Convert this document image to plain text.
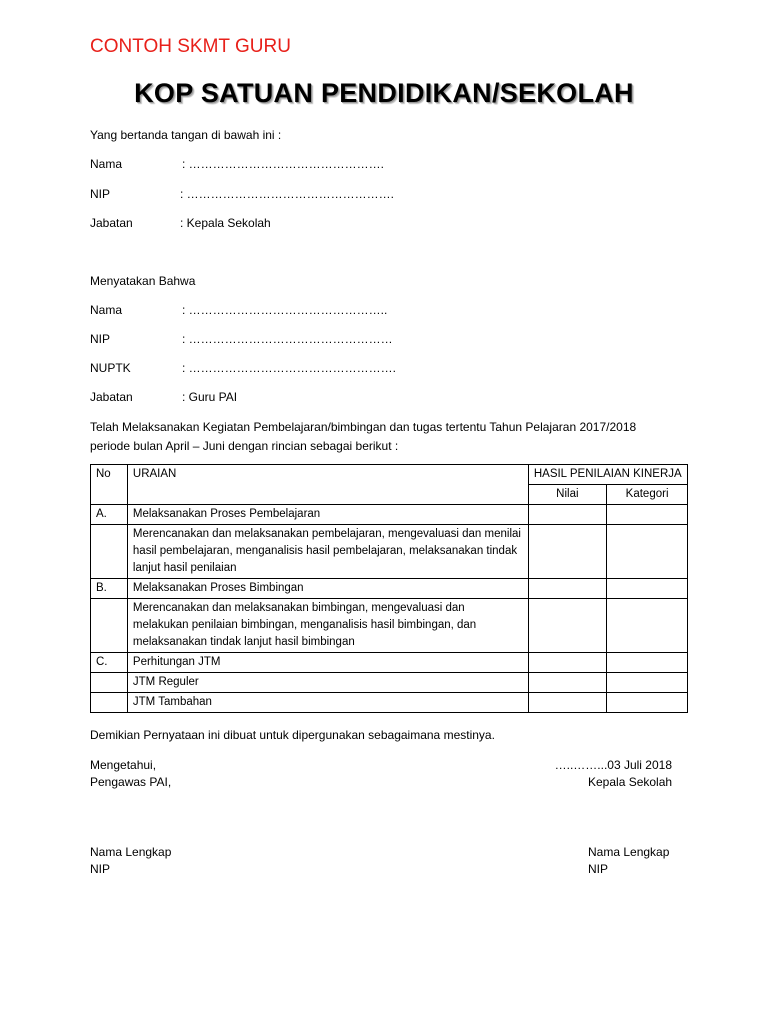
CONTOH SKMT GURU
KOP SATUAN PENDIDIKAN/SEKOLAH
Yang bertanda tangan di bawah ini :
Nama	: ………………………………………….
NIP	: …………………………………………….
Jabatan	: Kepala Sekolah
Menyatakan Bahwa
Nama	: …………………………………………..
NIP	: ……………………………………………
NUPTK	: …………………………………………….
Jabatan	: Guru PAI
Telah Melaksanakan Kegiatan Pembelajaran/bimbingan dan tugas tertentu Tahun Pelajaran 2017/2018
periode bulan April – Juni dengan rincian sebagai berikut :
No	URAIAN	HASIL PENILAIAN KINERJA	
		Nilai	Kategori
A.	Melaksanakan Proses Pembelajaran		
	Merencanakan dan melaksanakan pembelajaran, mengevaluasi dan menilai hasil pembelajaran, menganalisis hasil pembelajaran, melaksanakan tindak lanjut hasil penilaian		
B.	Melaksanakan Proses Bimbingan		
	Merencanakan dan melaksanakan bimbingan, mengevaluasi dan melakukan penilaian bimbingan, menganalisis hasil bimbingan, dan melaksanakan tindak lanjut hasil bimbingan		
C.	Perhitungan JTM		
	JTM Reguler		
	JTM Tambahan		
Demikian Pernyataan ini dibuat untuk dipergunakan sebagaimana mestinya.
Mengetahui,
Pengawas PAI,
…..……...03 Juli 2018
Kepala Sekolah
Nama Lengkap
NIP
Nama Lengkap
NIP
